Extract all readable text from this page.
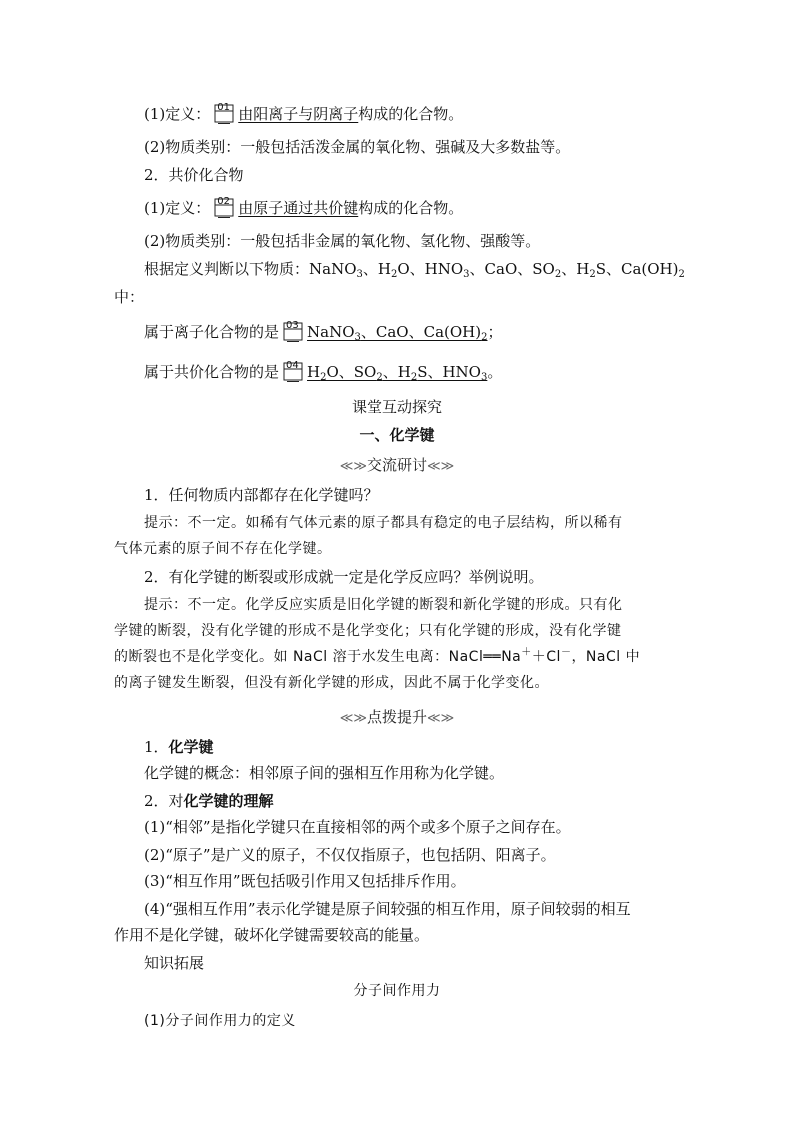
(1)定义： 01 由阳离子与阴离子构成的化合物。
(2)物质类别：一般包括活泼金属的氧化物、强碱及大多数盐等。
2．共价化合物
(1)定义： 02 由原子通过共价键构成的化合物。
(2)物质类别：一般包括非金属的氧化物、氢化物、强酸等。
根据定义判断以下物质：NaNO$_3$、$H_2O$、$HNO_3$、CaO、$SO_2$、$H_2S$、$Ca(OH)_2$
中：
属于离子化合物的是 03 NaNO$_3$、CaO、$Ca(OH)_2$；
属于共价化合物的是 04 $H_2O$、$SO_2$、$H_2S$、$HNO_3$。
课堂互动探究
一、化学键
≪≫交流研讨≪≫
1．任何物质内部都存在化学键吗？
提示：不一定。如稀有气体元素的原子都具有稳定的电子层结构，所以稀有
气体元素的原子间不存在化学键。
2．有化学键的断裂或形成就一定是化学反应吗？举例说明。
提示：不一定。化学反应实质是旧化学键的断裂和新化学键的形成。只有化
学键的断裂，没有化学键的形成不是化学变化；只有化学键的形成，没有化学键
的断裂也不是化学变化。如 NaCl 溶于水发生电离：NaCl══Na＋＋Cl－，NaCl 中
的离子键发生断裂，但没有新化学键的形成，因此不属于化学变化。
≪≫点拨提升≪≫
1．化学键
化学键的概念：相邻原子间的强相互作用称为化学键。
2．对化学键的理解
(1)“相邻”是指化学键只在直接相邻的两个或多个原子之间存在。
(2)“原子”是广义的原子，不仅仅指原子，也包括阴、阳离子。
(3)“相互作用”既包括吸引作用又包括排斥作用。
(4)“强相互作用”表示化学键是原子间较强的相互作用，原子间较弱的相互
作用不是化学键，破坏化学键需要较高的能量。
知识拓展
分子间作用力
(1)分子间作用力的定义
